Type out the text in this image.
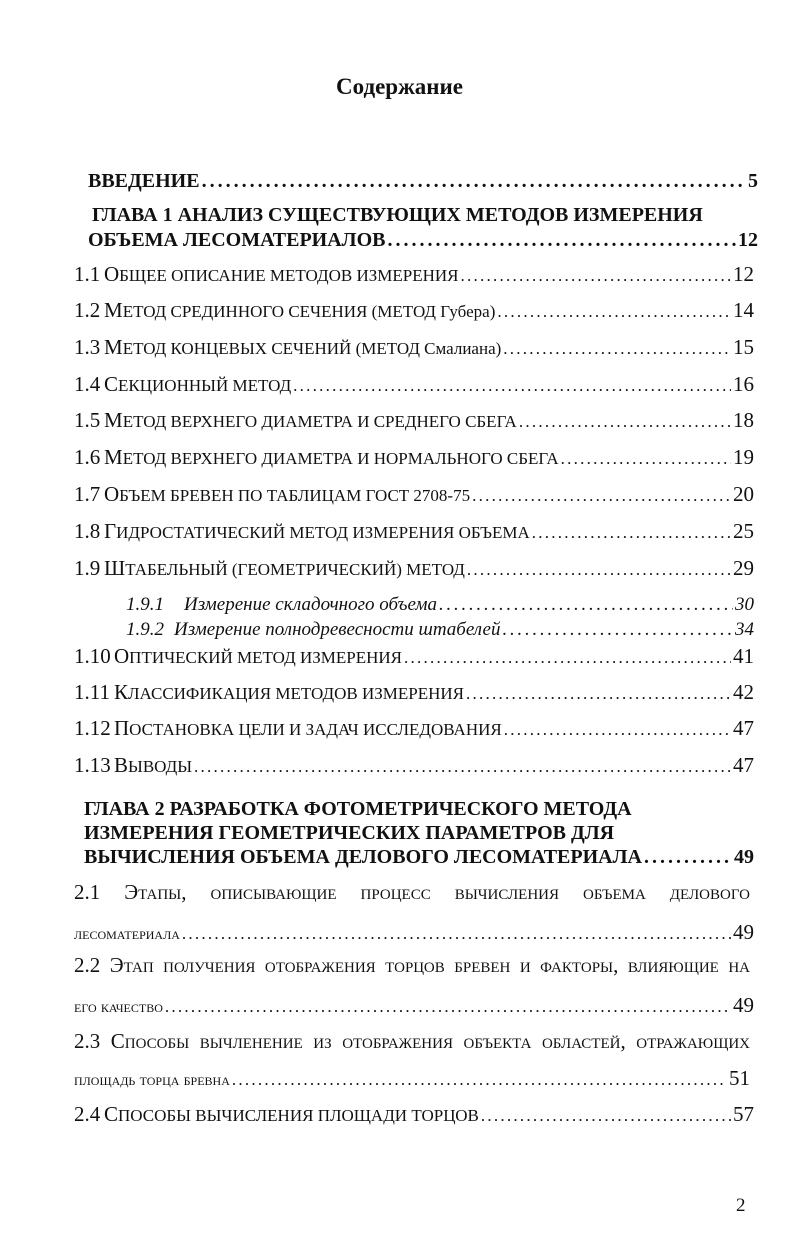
Содержание
ВВЕДЕНИЕ . . .	5
ГЛАВА 1 АНАЛИЗ СУЩЕСТВУЮЩИХ МЕТОДОВ ИЗМЕРЕНИЯ
ОБЪЕМА ЛЕСОМАТЕРИАЛОВ . . .	12
1.1 ОБЩЕЕ ОПИСАНИЕ МЕТОДОВ ИЗМЕРЕНИЯ . . .	12
1.2 МЕТОД СРЕДИННОГО СЕЧЕНИЯ (МЕТОД Губера) . . .	14
1.3 МЕТОД КОНЦЕВЫХ СЕЧЕНИЙ (МЕТОД Смалиана) . . .	15
1.4 СЕКЦИОННЫЙ МЕТОД . . .	16
1.5 МЕТОД ВЕРХНЕГО ДИАМЕТРА И СРЕДНЕГО СБЕГА . . .	18
1.6 МЕТОД ВЕРХНЕГО ДИАМЕТРА И НОРМАЛЬНОГО СБЕГА . . .	19
1.7 ОБЪЕМ БРЕВЕН ПО ТАБЛИЦАМ ГОСТ 2708-75 . . .	20
1.8 ГИДРОСТАТИЧЕСКИЙ МЕТОД ИЗМЕРЕНИЯ ОБЪЕМА . . .	25
1.9 ШТАБЕЛЬНЫЙ (ГЕОМЕТРИЧЕСКИЙ) МЕТОД . . .	29
1.9.1 Измерение складочного объема . . .	30
1.9.2 Измерение полнодревесности штабелей . . .	34
1.10 ОПТИЧЕСКИЙ МЕТОД ИЗМЕРЕНИЯ . . .	41
1.11 КЛАССИФИКАЦИЯ МЕТОДОВ ИЗМЕРЕНИЯ . . .	42
1.12 ПОСТАНОВКА ЦЕЛИ И ЗАДАЧ ИССЛЕДОВАНИЯ . . .	47
1.13 ВЫВОДЫ . . .	47
ГЛАВА 2 РАЗРАБОТКА ФОТОМЕТРИЧЕСКОГО МЕТОДА
ИЗМЕРЕНИЯ ГЕОМЕТРИЧЕСКИХ ПАРАМЕТРОВ ДЛЯ
ВЫЧИСЛЕНИЯ ОБЪЕМА ДЕЛОВОГО ЛЕСОМАТЕРИАЛА . . .	49
2.1 Этапы, описывающие процесс вычисления объема делового
лесоматериала . . .	49
2.2 Этап получения отображения торцов бревен и факторы, влияющие на
его качество . . .	49
2.3 Способы вычленение из отображения объекта областей, отражающих
площадь торца бревна . . .	51
2.4 СПОСОБЫ ВЫЧИСЛЕНИЯ ПЛОЩАДИ ТОРЦОВ . . .	57
2
